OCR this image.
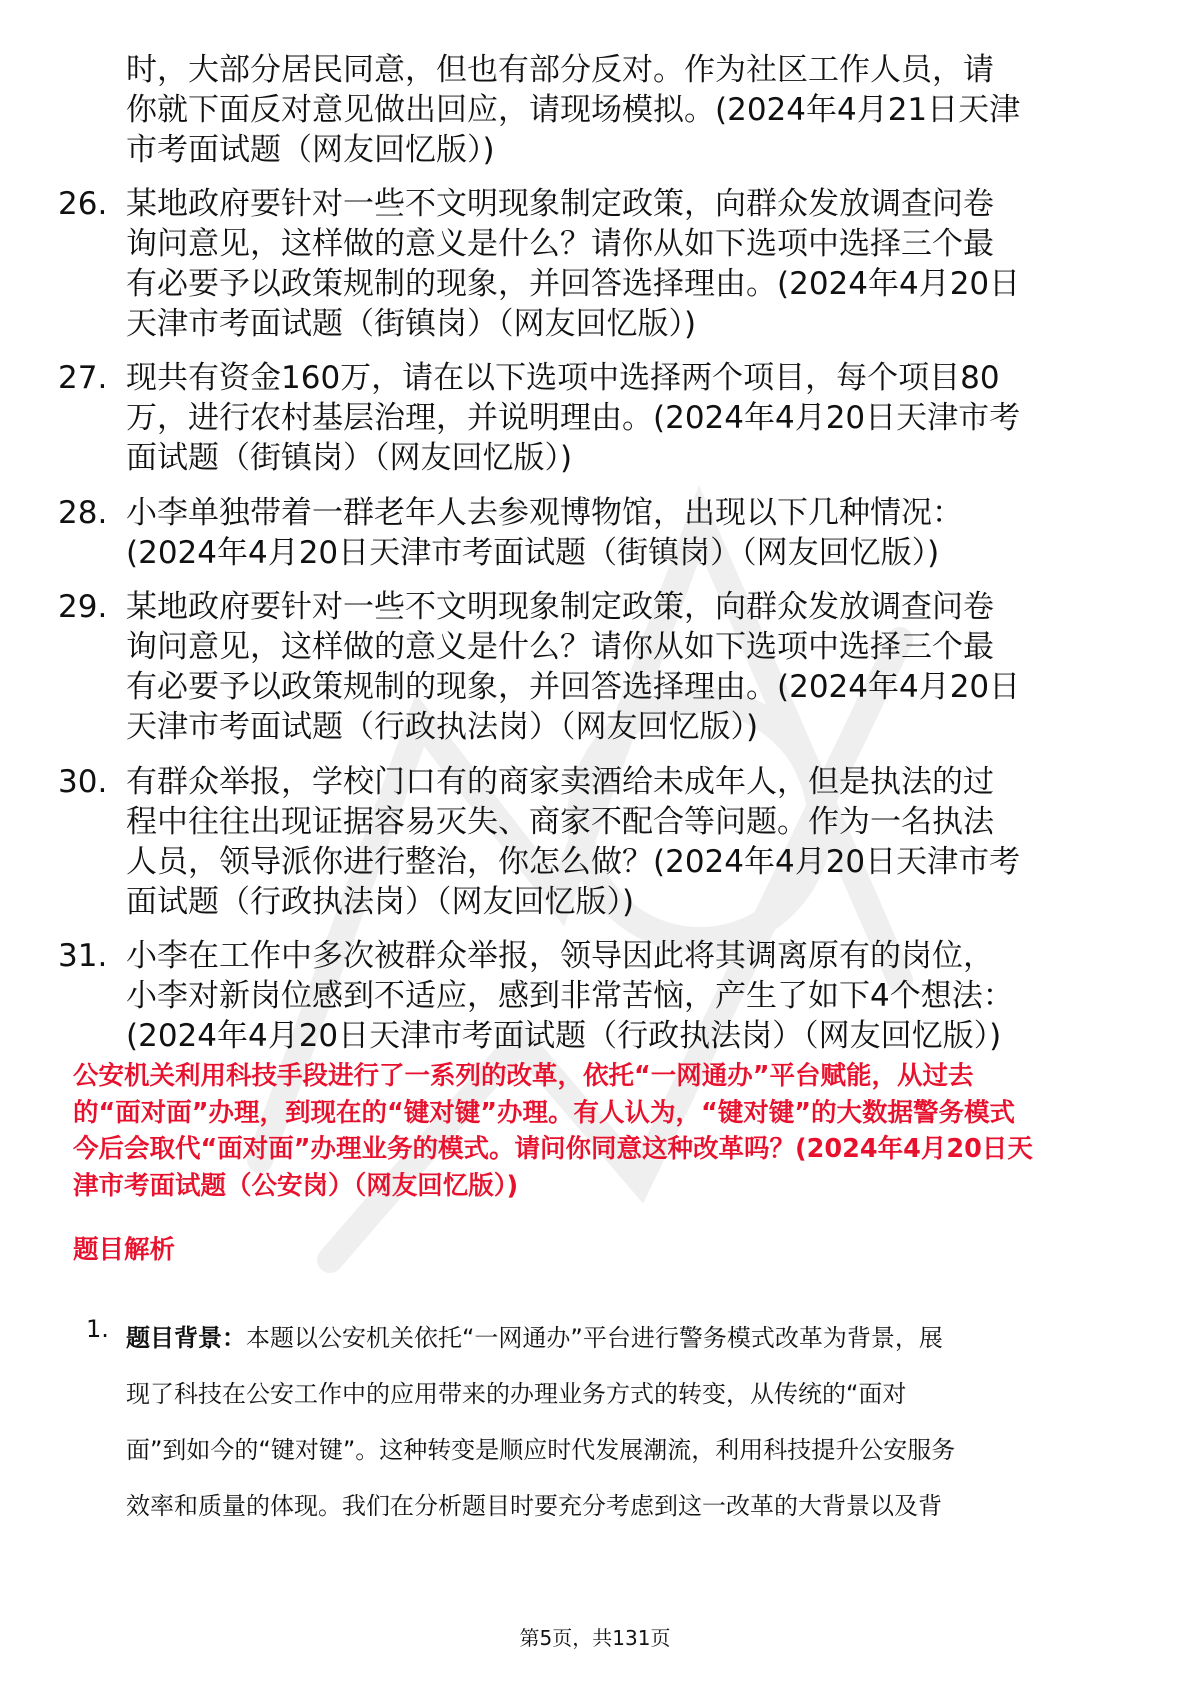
时，大部分居民同意，但也有部分反对。作为社区工作人员，请
你就下面反对意见做出回应，请现场模拟。(2024年4月21日天津
市考面试题（网友回忆版）)
26. 某地政府要针对一些不文明现象制定政策，向群众发放调查问卷
询问意见，这样做的意义是什么？请你从如下选项中选择三个最
有必要予以政策规制的现象，并回答选择理由。(2024年4月20日
天津市考面试题（街镇岗）（网友回忆版）)
27. 现共有资金160万，请在以下选项中选择两个项目，每个项目80
万，进行农村基层治理，并说明理由。(2024年4月20日天津市考
面试题（街镇岗）（网友回忆版）)
28. 小李单独带着一群老年人去参观博物馆，出现以下几种情况：
(2024年4月20日天津市考面试题（街镇岗）（网友回忆版）)
29. 某地政府要针对一些不文明现象制定政策，向群众发放调查问卷
询问意见，这样做的意义是什么？请你从如下选项中选择三个最
有必要予以政策规制的现象，并回答选择理由。(2024年4月20日
天津市考面试题（行政执法岗）（网友回忆版）)
30. 有群众举报，学校门口有的商家卖酒给未成年人，但是执法的过
程中往往出现证据容易灭失、商家不配合等问题。作为一名执法
人员，领导派你进行整治，你怎么做？(2024年4月20日天津市考
面试题（行政执法岗）（网友回忆版）)
31. 小李在工作中多次被群众举报，领导因此将其调离原有的岗位，
小李对新岗位感到不适应，感到非常苦恼，产生了如下4个想法：
(2024年4月20日天津市考面试题（行政执法岗）（网友回忆版）)
公安机关利用科技手段进行了一系列的改革，依托“一网通办”平台赋能，从过去
的“面对面”办理，到现在的“键对键”办理。有人认为，“键对键”的大数据警务模式
今后会取代“面对面”办理业务的模式。请问你同意这种改革吗？(2024年4月20日天
津市考面试题（公安岗）（网友回忆版）)
题目解析
1. 题目背景：本题以公安机关依托“一网通办”平台进行警务模式改革为背景，展
现了科技在公安工作中的应用带来的办理业务方式的转变，从传统的“面对
面”到如今的“键对键”。这种转变是顺应时代发展潮流，利用科技提升公安服务
效率和质量的体现。我们在分析题目时要充分考虑到这一改革的大背景以及背
第5页，共131页
